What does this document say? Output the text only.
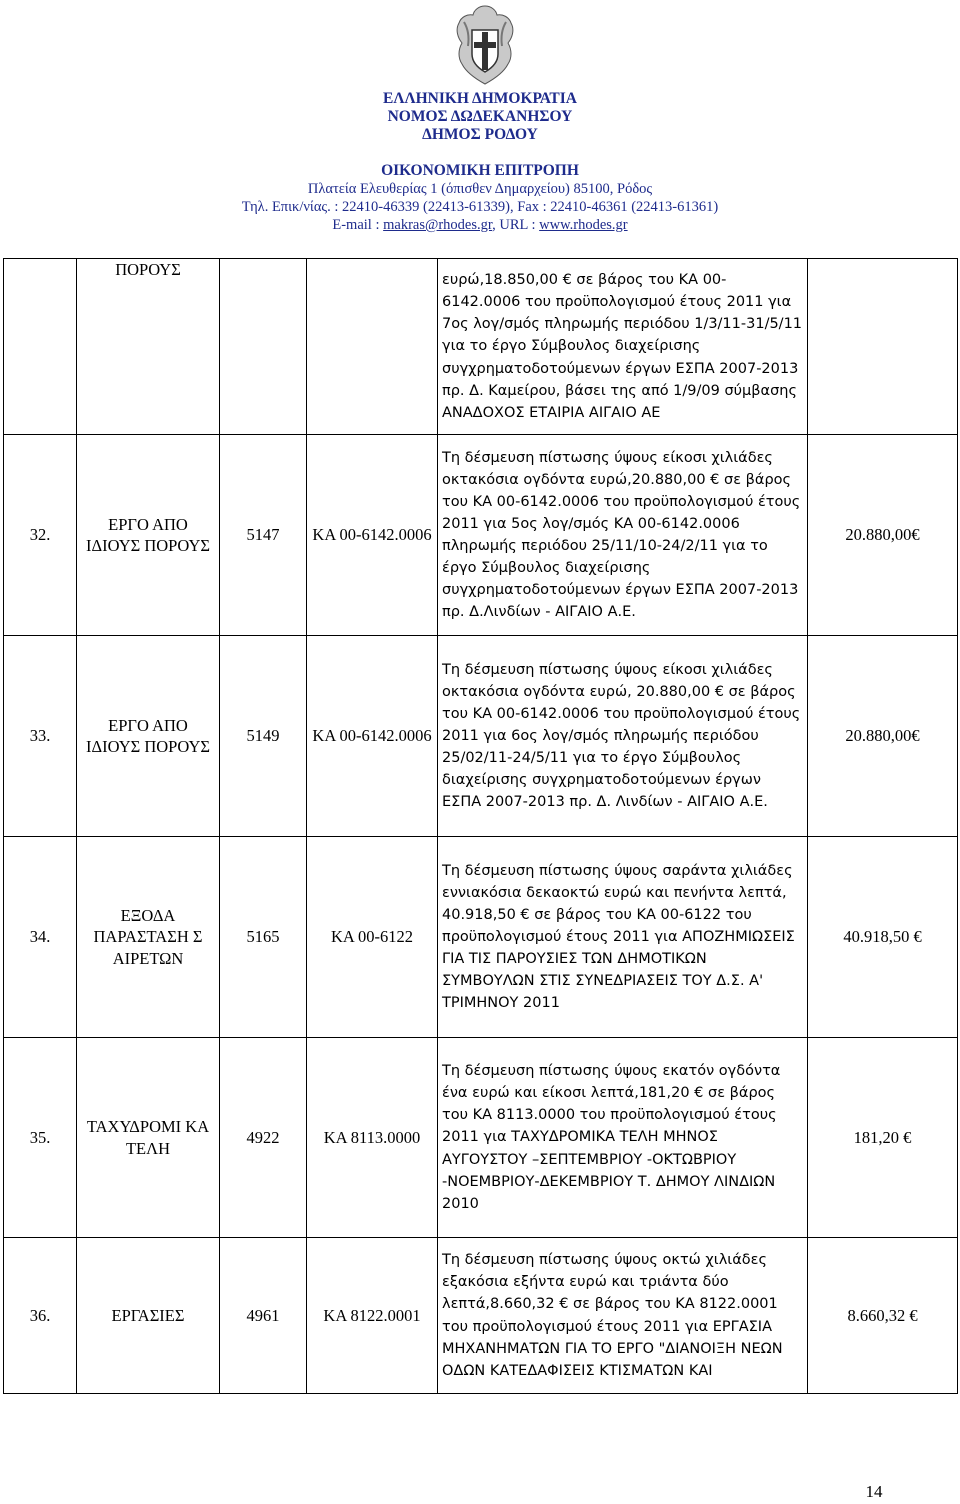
ΕΛΛΗΝΙΚΗ ΔΗΜΟΚΡΑΤΙΑ
ΝΟΜΟΣ ΔΩΔΕΚΑΝΗΣΟΥ
ΔΗΜΟΣ ΡΟΔΟΥ
ΟΙΚΟΝΟΜΙΚΗ ΕΠΙΤΡΟΠΗ
Πλατεία Ελευθερίας 1 (όπισθεν Δημαρχείου) 85100, Ρόδος
Τηλ. Επικ/νίας. : 22410-46339 (22413-61339), Fax : 22410-46361 (22413-61361)
E-mail : makras@rhodes.gr, URL : www.rhodes.gr
	ΠΟΡΟΥΣ			ευρώ,18.850,00 € σε βάρος του ΚΑ 00-6142.0006 του προϋπολογισμού έτους 2011 για 7ος λογ/σμός πληρωμής περιόδου 1/3/11-31/5/11 για το έργο Σύμβουλος διαχείρισης συγχρηματοδοτούμενων έργων ΕΣΠΑ 2007-2013 πρ. Δ. Καμείρου, βάσει της από 1/9/09 σύμβασης ΑΝΑΔΟΧΟΣ ΕΤΑΙΡΙΑ ΑΙΓΑΙΟ ΑΕ	
32.	ΕΡΓΟ ΑΠΟ ΙΔΙΟΥΣ ΠΟΡΟΥΣ	5147	ΚΑ 00-6142.0006	Τη δέσμευση πίστωσης ύψους είκοσι χιλιάδες οκτακόσια ογδόντα ευρώ,20.880,00 € σε βάρος του ΚΑ 00-6142.0006 του προϋπολογισμού έτους 2011 για 5ος λογ/σμός ΚΑ 00-6142.0006 πληρωμής περιόδου 25/11/10-24/2/11 για το έργο Σύμβουλος διαχείρισης συγχρηματοδοτούμενων έργων ΕΣΠΑ 2007-2013 πρ. Δ.Λινδίων - ΑΙΓΑΙΟ Α.Ε.	20.880,00€
33.	ΕΡΓΟ ΑΠΟ ΙΔΙΟΥΣ ΠΟΡΟΥΣ	5149	ΚΑ 00-6142.0006	Τη δέσμευση πίστωσης ύψους είκοσι χιλιάδες οκτακόσια ογδόντα ευρώ, 20.880,00 € σε βάρος του ΚΑ 00-6142.0006 του προϋπολογισμού έτους 2011 για 6ος λογ/σμός πληρωμής περιόδου 25/02/11-24/5/11 για το έργο Σύμβουλος διαχείρισης συγχρηματοδοτούμενων έργων ΕΣΠΑ 2007-2013 πρ. Δ. Λινδίων - ΑΙΓΑΙΟ Α.Ε.	20.880,00€
34.	ΕΞΟΔΑ ΠΑΡΑΣΤΑΣΗ Σ ΑΙΡΕΤΩΝ	5165	ΚΑ 00-6122	Τη δέσμευση πίστωσης ύψους σαράντα χιλιάδες εννιακόσια δεκαοκτώ ευρώ και πενήντα λεπτά, 40.918,50 € σε βάρος του ΚΑ 00-6122 του προϋπολογισμού έτους 2011 για ΑΠΟΖΗΜΙΩΣΕΙΣ ΓΙΑ ΤΙΣ ΠΑΡΟΥΣΙΕΣ ΤΩΝ ΔΗΜΟΤΙΚΩΝ ΣΥΜΒΟΥΛΩΝ ΣΤΙΣ ΣΥΝΕΔΡΙΑΣΕΙΣ ΤΟΥ Δ.Σ. Α' ΤΡΙΜΗΝΟΥ 2011	40.918,50 €
35.	ΤΑΧΥΔΡΟΜΙ ΚΑ ΤΕΛΗ	4922	ΚΑ 8113.0000	Τη δέσμευση πίστωσης ύψους εκατόν ογδόντα ένα ευρώ και είκοσι λεπτά,181,20 € σε βάρος του ΚΑ 8113.0000 του προϋπολογισμού έτους 2011 για ΤΑΧΥΔΡΟΜΙΚΑ ΤΕΛΗ ΜΗΝΟΣ ΑΥΓΟΥΣΤΟΥ –ΣΕΠΤΕΜΒΡΙΟΥ -ΟΚΤΩΒΡΙΟΥ -ΝΟΕΜΒΡΙΟΥ-ΔΕΚΕΜΒΡΙΟΥ Τ. ΔΗΜΟΥ ΛΙΝΔΙΩΝ 2010	181,20 €
36.	ΕΡΓΑΣΙΕΣ	4961	ΚΑ 8122.0001	Τη δέσμευση πίστωσης ύψους οκτώ χιλιάδες εξακόσια εξήντα ευρώ και τριάντα δύο λεπτά,8.660,32 € σε βάρος του ΚΑ 8122.0001 του προϋπολογισμού έτους 2011 για ΕΡΓΑΣΙΑ ΜΗΧΑΝΗΜΑΤΩΝ ΓΙΑ ΤΟ ΕΡΓΟ "ΔΙΑΝΟΙΞΗ ΝΕΩΝ ΟΔΩΝ ΚΑΤΕΔΑΦΙΣΕΙΣ ΚΤΙΣΜΑΤΩΝ ΚΑΙ	8.660,32 €
14
